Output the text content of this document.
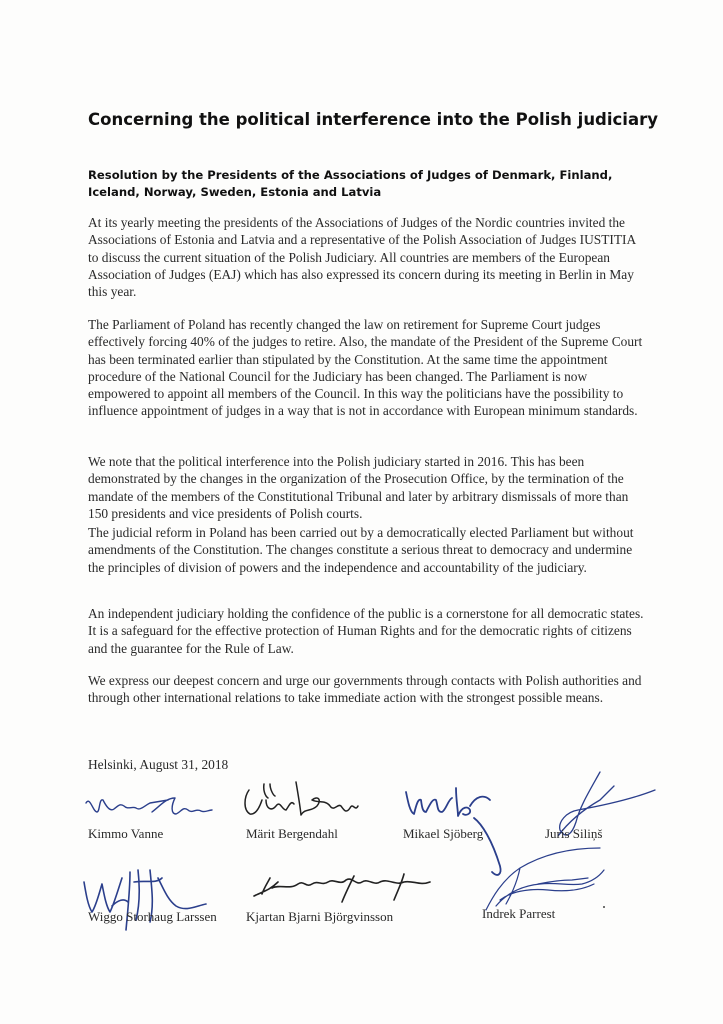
Concerning the political interference into the Polish judiciary
Resolution by the Presidents of the Associations of Judges of Denmark, Finland, Iceland, Norway, Sweden, Estonia and Latvia

At its yearly meeting the presidents of the Associations of Judges of the Nordic countries invited the Associations of Estonia and Latvia and a representative of the Polish Association of Judges IUSTITIA to discuss the current situation of the Polish Judiciary. All countries are members of the European Association of Judges (EAJ) which has also expressed its concern during its meeting in Berlin in May this year.

The Parliament of Poland has recently changed the law on retirement for Supreme Court judges effectively forcing 40% of the judges to retire. Also, the mandate of the President of the Supreme Court has been terminated earlier than stipulated by the Constitution. At the same time the appointment procedure of the National Council for the Judiciary has been changed. The Parliament is now empowered to appoint all members of the Council. In this way the politicians have the possibility to influence appointment of judges in a way that is not in accordance with European minimum standards.

We note that the political interference into the Polish judiciary started in 2016. This has been demonstrated by the changes in the organization of the Prosecution Office, by the termination of the mandate of the members of the Constitutional Tribunal and later by arbitrary dismissals of more than 150 presidents and vice presidents of Polish courts.

The judicial reform in Poland has been carried out by a democratically elected Parliament but without amendments of the Constitution. The changes constitute a serious threat to democracy and undermine the principles of division of powers and the independence and accountability of the judiciary.

An independent judiciary holding the confidence of the public is a cornerstone for all democratic states. It is a safeguard for the effective protection of Human Rights and for the democratic rights of citizens and the guarantee for the Rule of Law.

We express our deepest concern and urge our governments through contacts with Polish authorities and through other international relations to take immediate action with the strongest possible means.

Helsinki, August 31, 2018
Kimmo Vanne	Märit Bergendahl	Mikael Sjöberg	Juris Siliņš
Wiggo Storhaug Larssen Kjartan Bjarni Björgvinsson	Indrek Parrest
